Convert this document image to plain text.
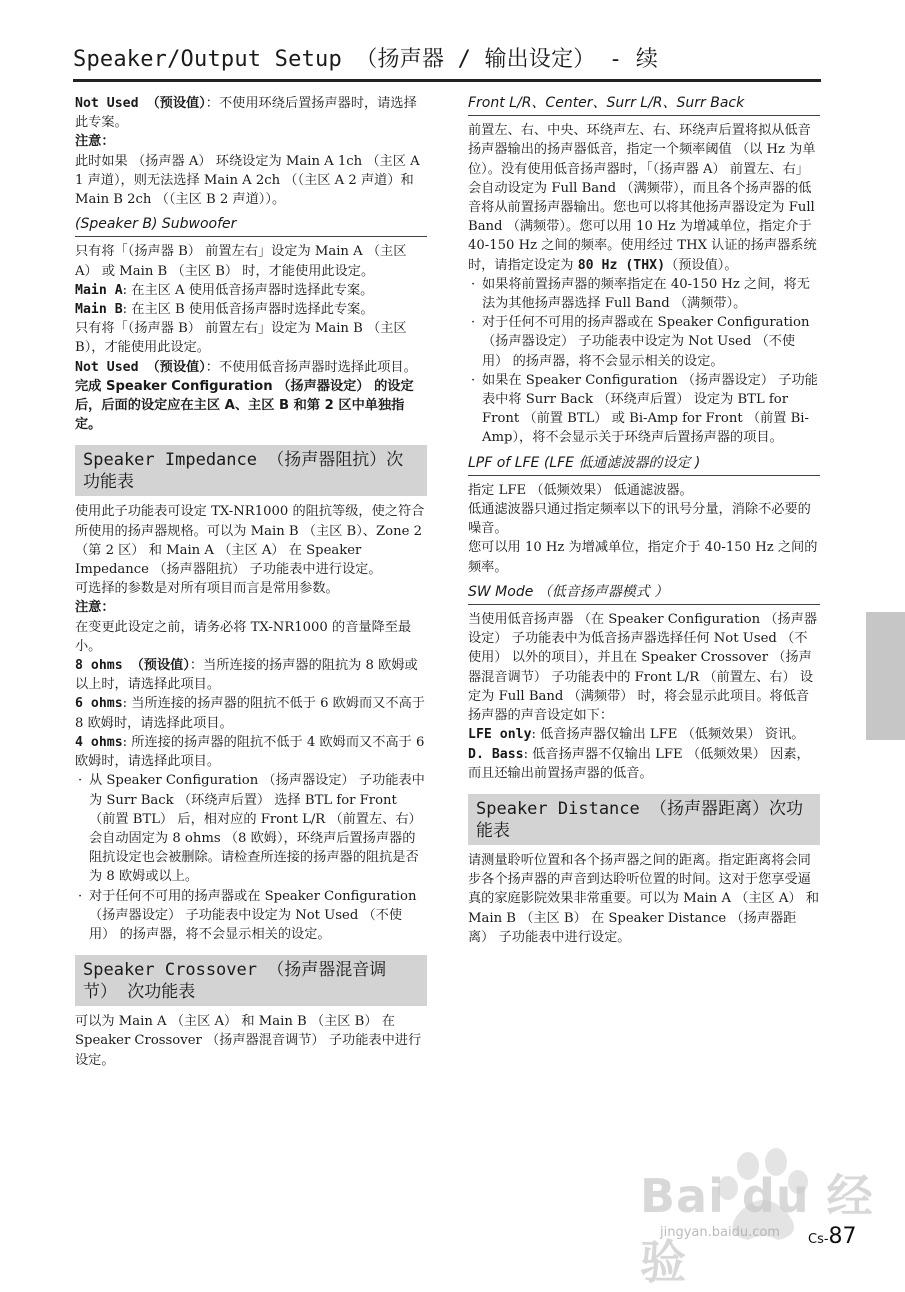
Speaker/Output Setup （扬声器 / 输出设定） - 续

Not Used （预设值）：不使用环绕后置扬声器时，请选择此专案。

注意：

此时如果 （扬声器 A） 环绕设定为 Main A 1ch （主区 A 1 声道），则无法选择 Main A 2ch （（主区 A 2 声道）和 Main B 2ch （（主区 B 2 声道））。

(Speaker B) Subwoofer

只有将「（扬声器 B） 前置左右」设定为 Main A （主区 A） 或 Main B （主区 B） 时，才能使用此设定。

Main A: 在主区 A 使用低音扬声器时选择此专案。

Main B: 在主区 B 使用低音扬声器时选择此专案。

只有将「（扬声器 B） 前置左右」设定为 Main B （主区 B），才能使用此设定。

Not Used （预设值）：不使用低音扬声器时选择此项目。

完成 Speaker Configuration （扬声器设定） 的设定后，后面的设定应在主区 A、主区 B 和第 2 区中单独指定。

Speaker Impedance （扬声器阻抗）次功能表

使用此子功能表可设定 TX-NR1000 的阻抗等级，使之符合所使用的扬声器规格。可以为 Main B （主区 B）、Zone 2 （第 2 区） 和 Main A （主区 A） 在 Speaker Impedance （扬声器阻抗） 子功能表中进行设定。

可选择的参数是对所有项目而言是常用参数。

注意：

在变更此设定之前，请务必将 TX-NR1000 的音量降至最小。

8 ohms （预设值）：当所连接的扬声器的阻抗为 8 欧姆或以上时，请选择此项目。

6 ohms: 当所连接的扬声器的阻抗不低于 6 欧姆而又不高于 8 欧姆时，请选择此项目。

4 ohms: 所连接的扬声器的阻抗不低于 4 欧姆而又不高于 6 欧姆时，请选择此项目。

· 从 Speaker Configuration （扬声器设定） 子功能表中为 Surr Back （环绕声后置） 选择 BTL for Front （前置 BTL） 后，相对应的 Front L/R （前置左、右） 会自动固定为 8 ohms （8 欧姆），环绕声后置扬声器的阻抗设定也会被删除。请检查所连接的扬声器的阻抗是否为 8 欧姆或以上。

· 对于任何不可用的扬声器或在 Speaker Configuration （扬声器设定） 子功能表中设定为 Not Used （不使用） 的扬声器，将不会显示相关的设定。

Speaker Crossover （扬声器混音调节） 次功能表

可以为 Main A （主区 A） 和 Main B （主区 B） 在 Speaker Crossover （扬声器混音调节） 子功能表中进行设定。

Front L/R、Center、Surr L/R、Surr Back

前置左、右、中央、环绕声左、右、环绕声后置将拟从低音扬声器输出的扬声器低音，指定一个频率阈值 （以 Hz 为单位）。没有使用低音扬声器时，「（扬声器 A） 前置左、右」会自动设定为 Full Band （满频带），而且各个扬声器的低音将从前置扬声器输出。您也可以将其他扬声器设定为 Full Band （满频带）。您可以用 10 Hz 为增减单位，指定介于 40-150 Hz 之间的频率。使用经过 THX 认证的扬声器系统时，请指定设定为 80 Hz (THX)（预设值）。

· 如果将前置扬声器的频率指定在 40-150 Hz 之间，将无法为其他扬声器选择 Full Band （满频带）。

· 对于任何不可用的扬声器或在 Speaker Configuration （扬声器设定） 子功能表中设定为 Not Used （不使用） 的扬声器，将不会显示相关的设定。

· 如果在 Speaker Configuration （扬声器设定） 子功能表中将 Surr Back （环绕声后置） 设定为 BTL for Front （前置 BTL） 或 Bi-Amp for Front （前置 Bi-Amp），将不会显示关于环绕声后置扬声器的项目。

LPF of LFE (LFE 低通滤波器的设定 )

指定 LFE （低频效果） 低通滤波器。

低通滤波器只通过指定频率以下的讯号分量，消除不必要的噪音。

您可以用 10 Hz 为增减单位，指定介于 40-150 Hz 之间的频率。

SW Mode （低音扬声器模式 ）

当使用低音扬声器 （在 Speaker Configuration （扬声器设定） 子功能表中为低音扬声器选择任何 Not Used （不使用） 以外的项目），并且在 Speaker Crossover （扬声器混音调节） 子功能表中的 Front L/R （前置左、右） 设定为 Full Band （满频带） 时，将会显示此项目。将低音扬声器的声音设定如下：

LFE only: 低音扬声器仅输出 LFE （低频效果） 资讯。

D. Bass: 低音扬声器不仅输出 LFE （低频效果） 因素，而且还输出前置扬声器的低音。

Speaker Distance （扬声器距离）次功能表

请测量聆听位置和各个扬声器之间的距离。指定距离将会同步各个扬声器的声音到达聆听位置的时间。这对于您享受逼真的家庭影院效果非常重要。可以为 Main A （主区 A） 和 Main B （主区 B） 在 Speaker Distance （扬声器距离） 子功能表中进行设定。

Bai du 经验
jingyan.baidu.com Cs-87
